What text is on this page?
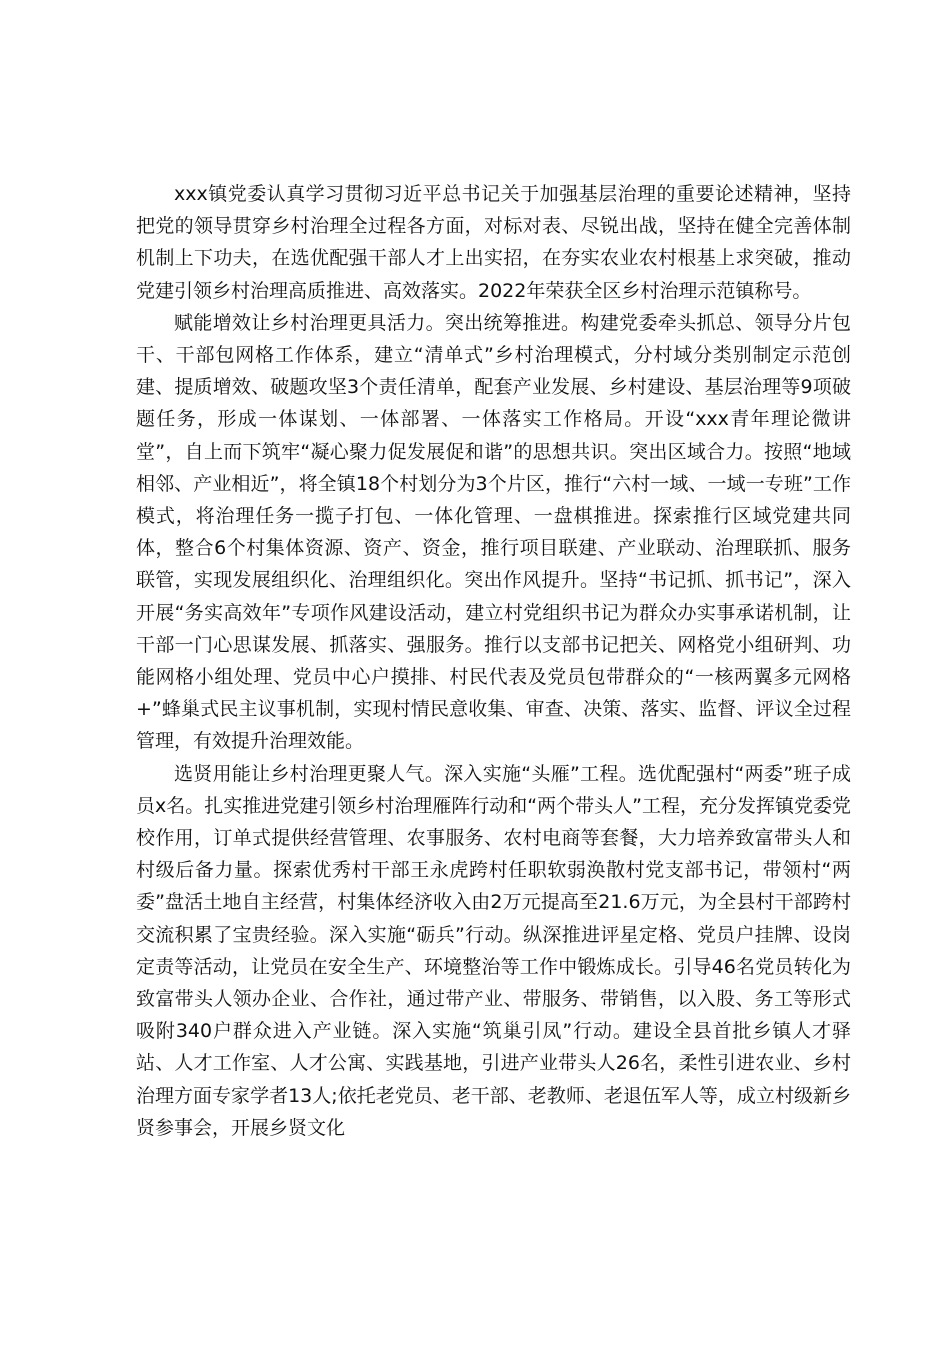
xxx镇党委认真学习贯彻习近平总书记关于加强基层治理的重要论述精神，坚持把党的领导贯穿乡村治理全过程各方面，对标对表、尽锐出战，坚持在健全完善体制机制上下功夫，在选优配强干部人才上出实招，在夯实农业农村根基上求突破，推动党建引领乡村治理高质推进、高效落实。2022年荣获全区乡村治理示范镇称号。

赋能增效让乡村治理更具活力。突出统筹推进。构建党委牵头抓总、领导分片包干、干部包网格工作体系，建立“清单式”乡村治理模式，分村域分类别制定示范创建、提质增效、破题攻坚3个责任清单，配套产业发展、乡村建设、基层治理等9项破题任务，形成一体谋划、一体部署、一体落实工作格局。开设“xxx青年理论微讲堂”，自上而下筑牢“凝心聚力促发展促和谐”的思想共识。突出区域合力。按照“地域相邻、产业相近”，将全镇18个村划分为3个片区，推行“六村一域、一域一专班”工作模式，将治理任务一揽子打包、一体化管理、一盘棋推进。探索推行区域党建共同体，整合6个村集体资源、资产、资金，推行项目联建、产业联动、治理联抓、服务联管，实现发展组织化、治理组织化。突出作风提升。坚持“书记抓、抓书记”，深入开展“务实高效年”专项作风建设活动，建立村党组织书记为群众办实事承诺机制，让干部一门心思谋发展、抓落实、强服务。推行以支部书记把关、网格党小组研判、功能网格小组处理、党员中心户摸排、村民代表及党员包带群众的“一核两翼多元网格+”蜂巢式民主议事机制，实现村情民意收集、审查、决策、落实、监督、评议全过程管理，有效提升治理效能。

选贤用能让乡村治理更聚人气。深入实施“头雁”工程。选优配强村“两委”班子成员x名。扎实推进党建引领乡村治理雁阵行动和“两个带头人”工程，充分发挥镇党委党校作用，订单式提供经营管理、农事服务、农村电商等套餐，大力培养致富带头人和村级后备力量。探索优秀村干部王永虎跨村任职软弱涣散村党支部书记，带领村“两委”盘活土地自主经营，村集体经济收入由2万元提高至21.6万元，为全县村干部跨村交流积累了宝贵经验。深入实施“砺兵”行动。纵深推进评星定格、党员户挂牌、设岗定责等活动，让党员在安全生产、环境整治等工作中锻炼成长。引导46名党员转化为致富带头人领办企业、合作社，通过带产业、带服务、带销售，以入股、务工等形式吸附340户群众进入产业链。深入实施“筑巢引凤”行动。建设全县首批乡镇人才驿站、人才工作室、人才公寓、实践基地，引进产业带头人26名，柔性引进农业、乡村治理方面专家学者13人;依托老党员、老干部、老教师、老退伍军人等，成立村级新乡贤参事会，开展乡贤文化
